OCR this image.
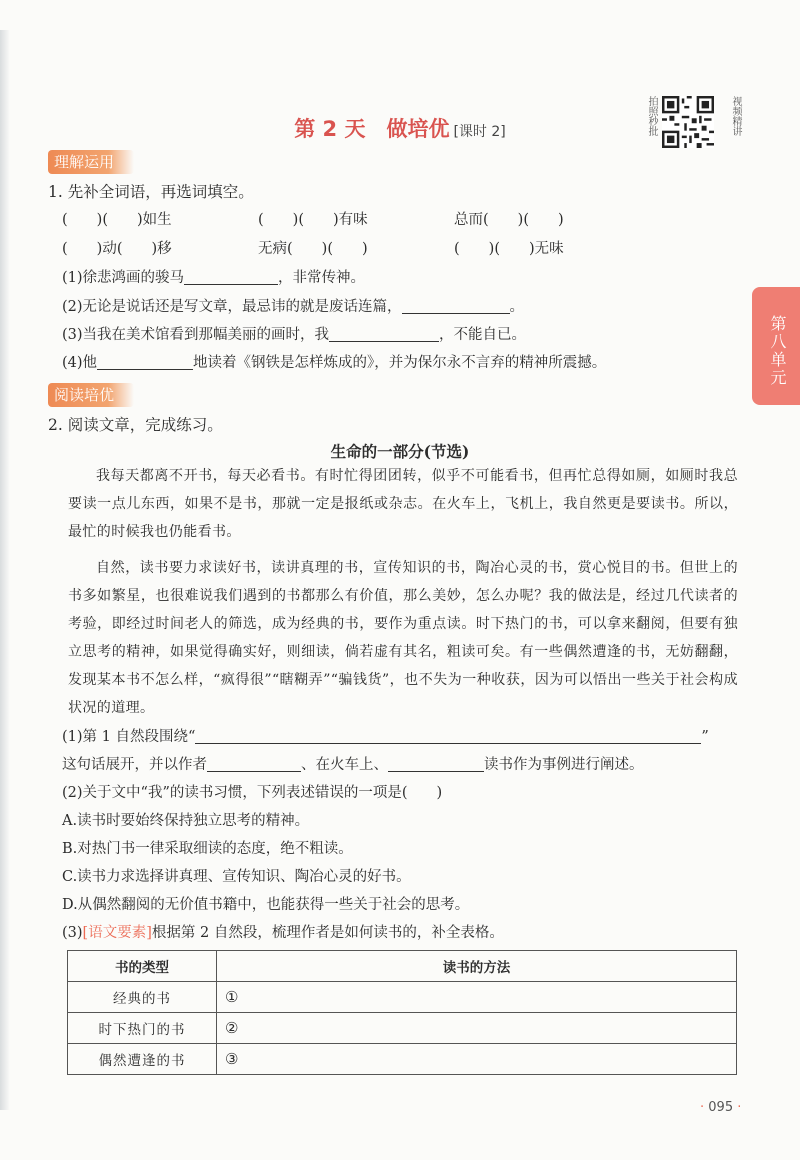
第 2 天　做培优 [课时 2]	拍照秒批	视频精讲
第八单元
理解运用
1. 先补全词语，再选词填空。
(　　)(　　)如生	(　　)(　　)有味	总而(　　)(　　)
(　　)动(　　)移	无病(　　)(　　)	(　　)(　　)无味
(1)徐悲鸿画的骏马	，非常传神。
(2)无论是说话还是写文章，最忌讳的就是废话连篇，	。
(3)当我在美术馆看到那幅美丽的画时，我	，不能自已。
(4)他	地读着《钢铁是怎样炼成的》，并为保尔永不言弃的精神所震撼。
阅读培优
2. 阅读文章，完成练习。
生命的一部分(节选)
我每天都离不开书，每天必看书。有时忙得团团转，似乎不可能看书，但再忙总得如厕，如厕时我总要读一点儿东西，如果不是书，那就一定是报纸或杂志。在火车上，飞机上，我自然更是要读书。所以，最忙的时候我也仍能看书。
自然，读书要力求读好书，读讲真理的书，宣传知识的书，陶冶心灵的书，赏心悦目的书。但世上的书多如繁星，也很难说我们遇到的书都那么有价值，那么美妙，怎么办呢？我的做法是，经过几代读者的考验，即经过时间老人的筛选，成为经典的书，要作为重点读。时下热门的书，可以拿来翻阅，但要有独立思考的精神，如果觉得确实好，则细读，倘若虚有其名，粗读可矣。有一些偶然遭逢的书，无妨翻翻，发现某本书不怎么样，“疯得很”“瞎糊弄”“骗钱货”，也不失为一种收获，因为可以悟出一些关于社会构成状况的道理。
(1)第 1 自然段围绕“	”
这句话展开，并以作者	、在火车上、	读书作为事例进行阐述。
(2)关于文中“我”的读书习惯，下列表述错误的一项是(　　)
A.读书时要始终保持独立思考的精神。
B.对热门书一律采取细读的态度，绝不粗读。
C.读书力求选择讲真理、宣传知识、陶冶心灵的好书。
D.从偶然翻阅的无价值书籍中，也能获得一些关于社会的思考。
(3)[语文要素]根据第 2 自然段，梳理作者是如何读书的，补全表格。
书的类型	读书的方法
经典的书	①
时下热门的书	②
偶然遭逢的书	③
· 095 ·
